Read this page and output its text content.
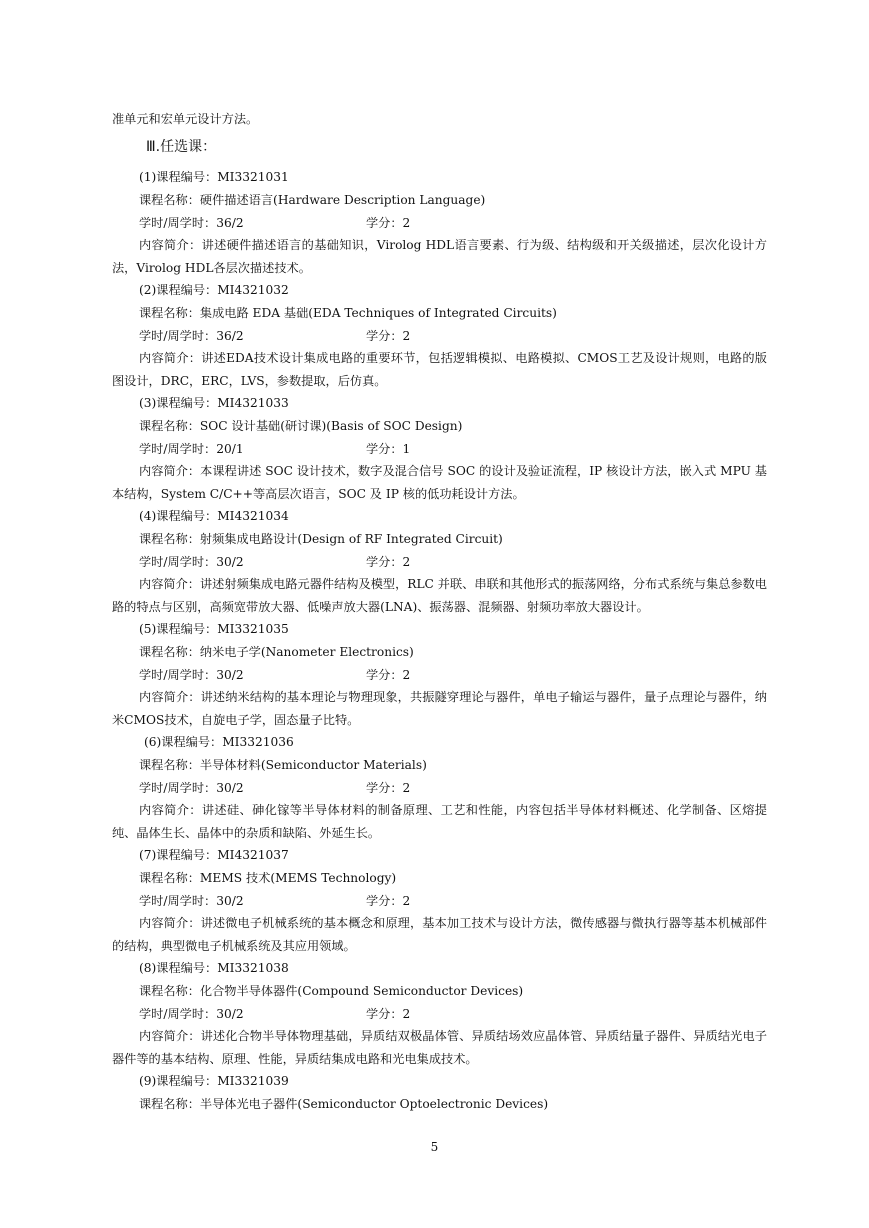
准单元和宏单元设计方法。
Ⅲ.任选课：
(1)课程编号：MI3321031
课程名称：硬件描述语言(Hardware Description Language)
学时/周学时：36/2	学分：2
内容简介：讲述硬件描述语言的基础知识，Virolog HDL语言要素、行为级、结构级和开关级描述，层次化设计方法，Virolog HDL各层次描述技术。
(2)课程编号：MI4321032
课程名称：集成电路 EDA 基础(EDA Techniques of Integrated Circuits)
学时/周学时：36/2	学分：2
内容简介：讲述EDA技术设计集成电路的重要环节，包括逻辑模拟、电路模拟、CMOS工艺及设计规则，电路的版图设计，DRC，ERC，LVS，参数提取，后仿真。
(3)课程编号：MI4321033
课程名称：SOC 设计基础(研讨课)(Basis of SOC Design)
学时/周学时：20/1	学分：1
内容简介：本课程讲述 SOC 设计技术，数字及混合信号 SOC 的设计及验证流程，IP 核设计方法，嵌入式 MPU 基本结构，System C/C++等高层次语言，SOC 及 IP 核的低功耗设计方法。
(4)课程编号：MI4321034
课程名称：射频集成电路设计(Design of RF Integrated Circuit)
学时/周学时：30/2	学分：2
内容简介：讲述射频集成电路元器件结构及模型，RLC 并联、串联和其他形式的振荡网络，分布式系统与集总参数电路的特点与区别，高频宽带放大器、低噪声放大器(LNA)、振荡器、混频器、射频功率放大器设计。
(5)课程编号：MI3321035
课程名称：纳米电子学(Nanometer Electronics)
学时/周学时：30/2	学分：2
内容简介：讲述纳米结构的基本理论与物理现象，共振隧穿理论与器件，单电子输运与器件，量子点理论与器件，纳米CMOS技术，自旋电子学，固态量子比特。
(6)课程编号：MI3321036
课程名称：半导体材料(Semiconductor Materials)
学时/周学时：30/2	学分：2
内容简介：讲述硅、砷化镓等半导体材料的制备原理、工艺和性能，内容包括半导体材料概述、化学制备、区熔提纯、晶体生长、晶体中的杂质和缺陷、外延生长。
(7)课程编号：MI4321037
课程名称：MEMS 技术(MEMS Technology)
学时/周学时：30/2	学分：2
内容简介：讲述微电子机械系统的基本概念和原理，基本加工技术与设计方法，微传感器与微执行器等基本机械部件的结构，典型微电子机械系统及其应用领域。
(8)课程编号：MI3321038
课程名称：化合物半导体器件(Compound Semiconductor Devices)
学时/周学时：30/2	学分：2
内容简介：讲述化合物半导体物理基础，异质结双极晶体管、异质结场效应晶体管、异质结量子器件、异质结光电子器件等的基本结构、原理、性能，异质结集成电路和光电集成技术。
(9)课程编号：MI3321039
课程名称：半导体光电子器件(Semiconductor Optoelectronic Devices)
5
